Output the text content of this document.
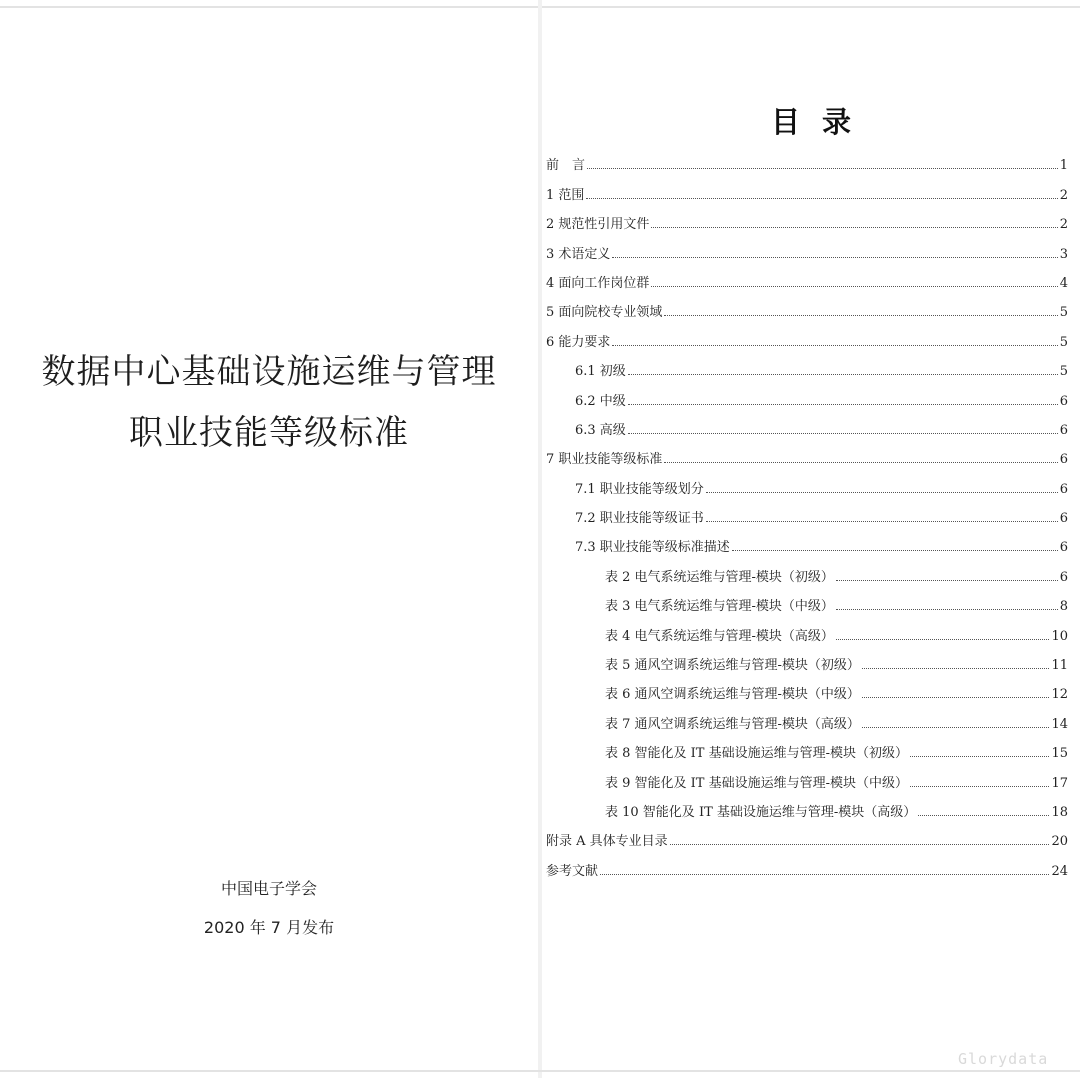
数据中心基础设施运维与管理
职业技能等级标准
中国电子学会
2020 年 7 月发布
目录
前　言	1
1 范围	2
2 规范性引用文件	2
3 术语定义	3
4 面向工作岗位群	4
5 面向院校专业领域	5
6 能力要求	5
6.1 初级	5
6.2 中级	6
6.3 高级	6
7 职业技能等级标准	6
7.1 职业技能等级划分	6
7.2 职业技能等级证书	6
7.3 职业技能等级标准描述	6
表 2 电气系统运维与管理-模块（初级）	6
表 3 电气系统运维与管理-模块（中级）	8
表 4 电气系统运维与管理-模块（高级）	10
表 5 通风空调系统运维与管理-模块（初级）	11
表 6 通风空调系统运维与管理-模块（中级）	12
表 7 通风空调系统运维与管理-模块（高级）	14
表 8 智能化及 IT 基础设施运维与管理-模块（初级）	15
表 9 智能化及 IT 基础设施运维与管理-模块（中级）	17
表 10 智能化及 IT 基础设施运维与管理-模块（高级）	18
附录 A 具体专业目录	20
参考文献	24
Glorydata
